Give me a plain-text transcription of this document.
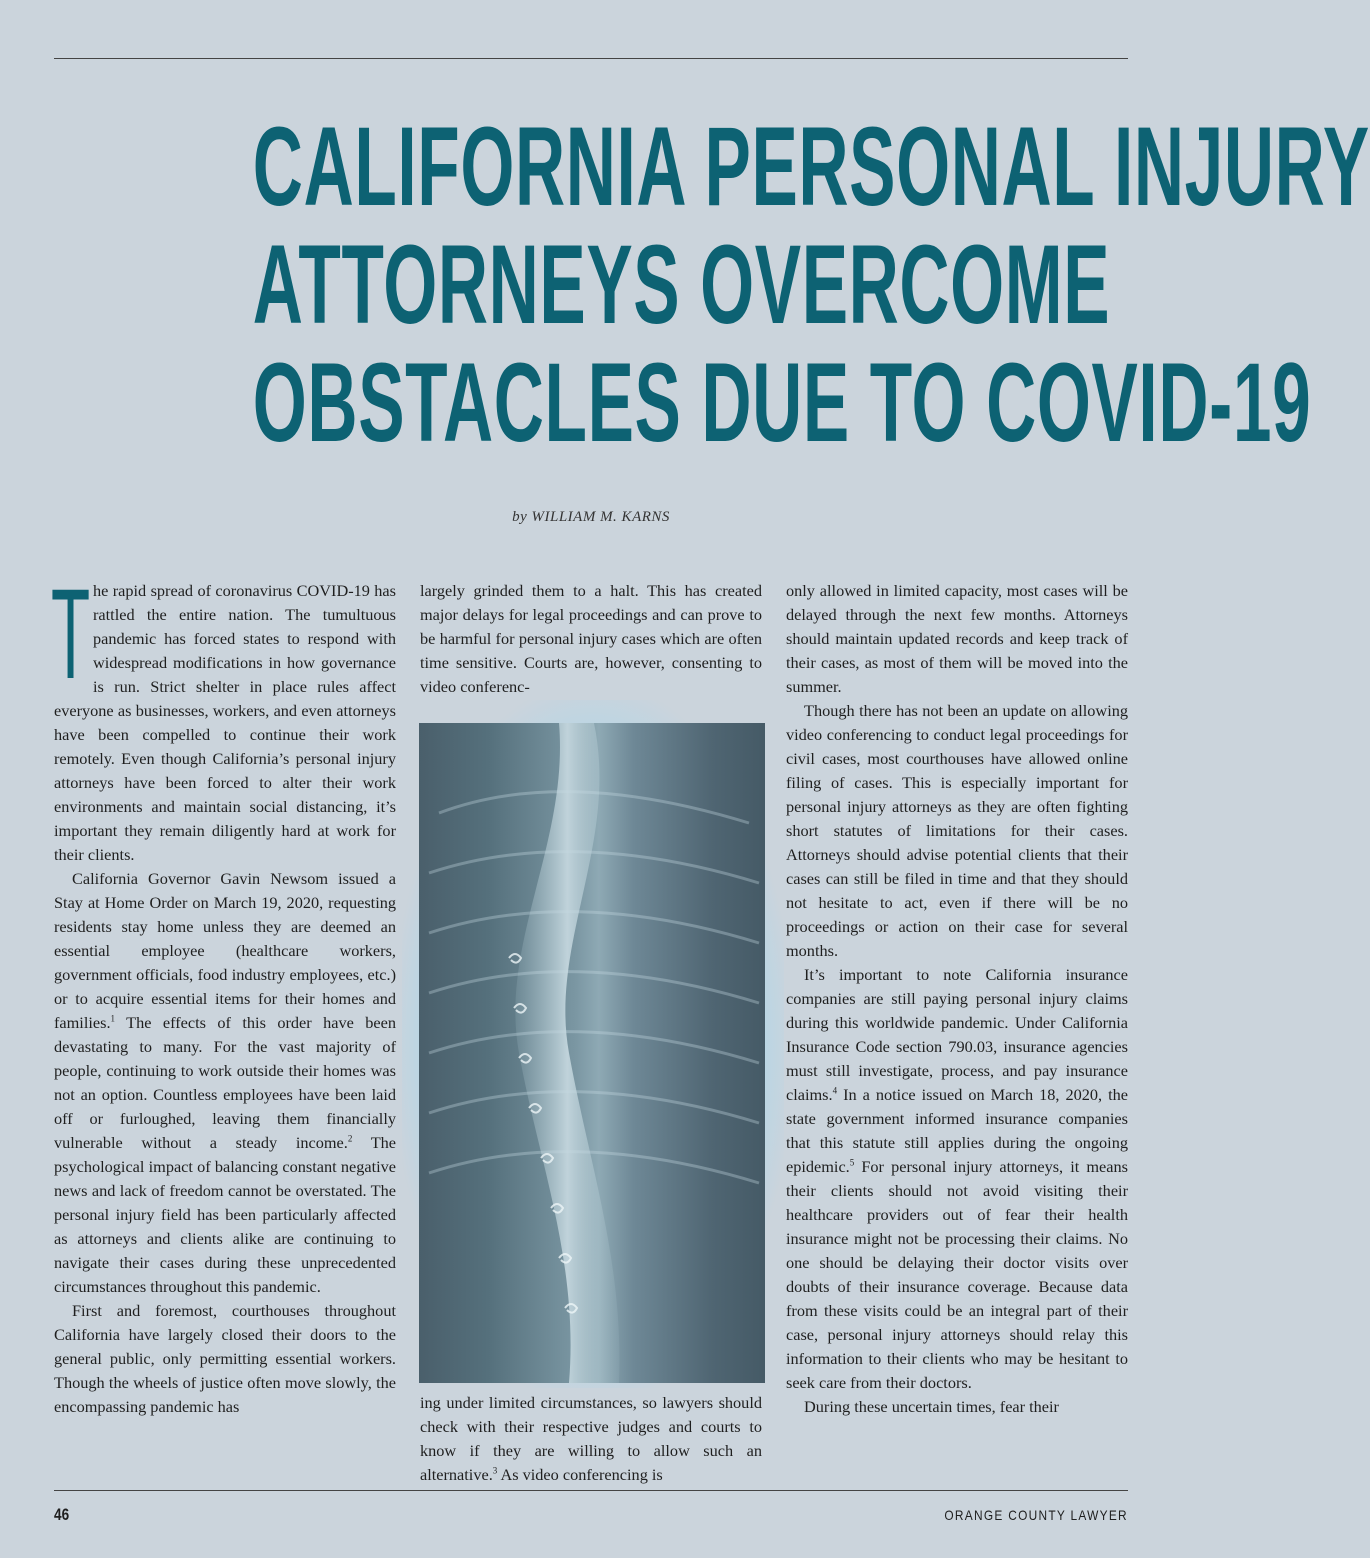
CALIFORNIA PERSONAL INJURY
ATTORNEYS OVERCOME
OBSTACLES DUE TO COVID-19
by WILLIAM M. KARNS

The rapid spread of coronavirus COVID-19 has rattled the entire nation. The tumultuous pandemic has forced states to respond with widespread modifications in how governance is run. Strict shelter in place rules affect everyone as businesses, workers, and even attorneys have been compelled to continue their work remotely. Even though California’s personal injury attorneys have been forced to alter their work environments and maintain social distancing, it’s important they remain diligently hard at work for their clients.

California Governor Gavin Newsom issued a Stay at Home Order on March 19, 2020, requesting residents stay home unless they are deemed an essential employee (healthcare workers, government officials, food industry employees, etc.) or to acquire essential items for their homes and families.$^1$ The effects of this order have been devastating to many. For the vast majority of people, continuing to work outside their homes was not an option. Countless employees have been laid off or furloughed, leaving them financially vulnerable without a steady income.$^2$ The psychological impact of balancing constant negative news and lack of freedom cannot be overstated. The personal injury field has been particularly affected as attorneys and clients alike are continuing to navigate their cases during these unprecedented circumstances throughout this pandemic.

First and foremost, courthouses throughout California have largely closed their doors to the general public, only permitting essential workers. Though the wheels of justice often move slowly, the encompassing pandemic has

largely grinded them to a halt. This has created major delays for legal proceedings and can prove to be harmful for personal injury cases which are often time sensitive. Courts are, however, consenting to video conferenc-

ing under limited circumstances, so lawyers should check with their respective judges and courts to know if they are willing to allow such an alternative.$^3$ As video conferencing is

only allowed in limited capacity, most cases will be delayed through the next few months. Attorneys should maintain updated records and keep track of their cases, as most of them will be moved into the summer.

Though there has not been an update on allowing video conferencing to conduct legal proceedings for civil cases, most courthouses have allowed online filing of cases. This is especially important for personal injury attorneys as they are often fighting short statutes of limitations for their cases. Attorneys should advise potential clients that their cases can still be filed in time and that they should not hesitate to act, even if there will be no proceedings or action on their case for several months.

It’s important to note California insurance companies are still paying personal injury claims during this worldwide pandemic. Under California Insurance Code section 790.03, insurance agencies must still investigate, process, and pay insurance claims.$^4$ In a notice issued on March 18, 2020, the state government informed insurance companies that this statute still applies during the ongoing epidemic.$^5$ For personal injury attorneys, it means their clients should not avoid visiting their healthcare providers out of fear their health insurance might not be processing their claims. No one should be delaying their doctor visits over doubts of their insurance coverage. Because data from these visits could be an integral part of their case, personal injury attorneys should relay this information to their clients who may be hesitant to seek care from their doctors.

During these uncertain times, fear their

46	ORANGE COUNTY LAWYER
